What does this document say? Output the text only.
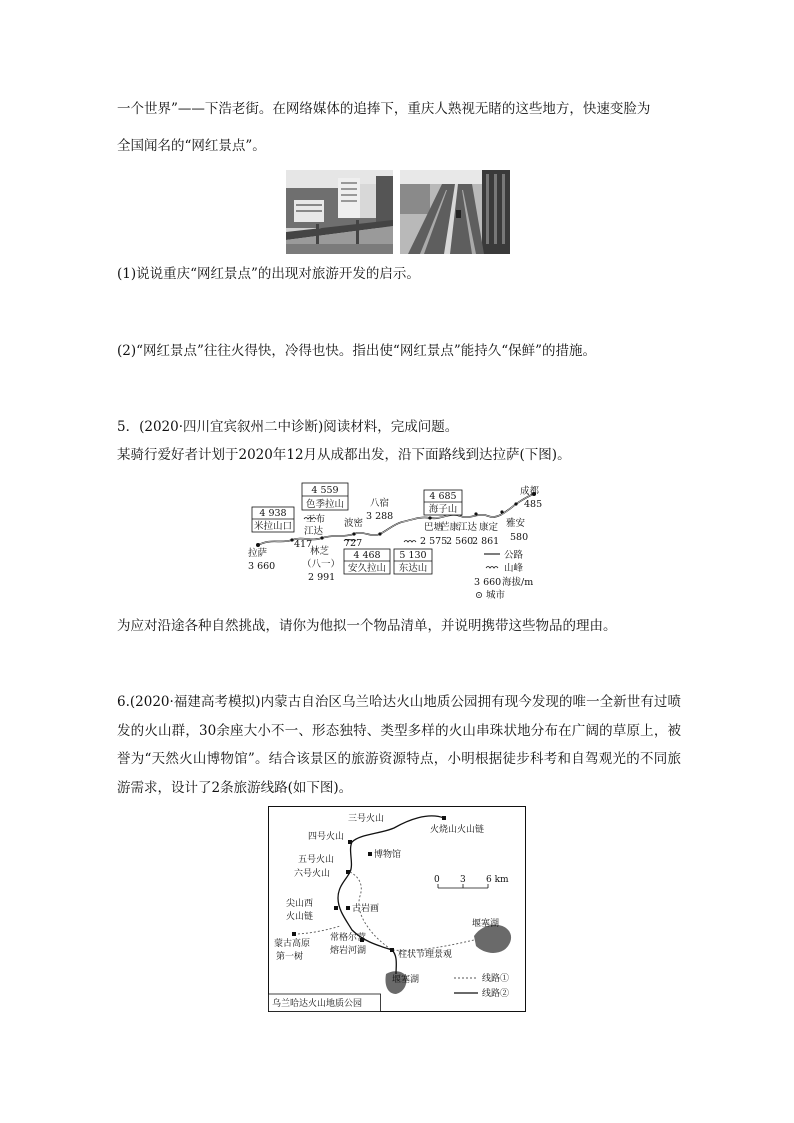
一个世界”——下浩老街。在网络媒体的追捧下，重庆人熟视无睹的这些地方，快速变脸为
全国闻名的“网红景点”。
(1)说说重庆“网红景点”的出现对旅游开发的启示。
(2)“网红景点”往往火得快，冷得也快。指出使“网红景点”能持久“保鲜”的措施。
5．(2020·四川宜宾叙州二中诊断)阅读材料，完成问题。
某骑行爱好者计划于2020年12月从成都出发，沿下面路线到达拉萨(下图)。
4 938
米拉山口
4 559
色季拉山
4 468
安久拉山
5 130
东达山
4 685
海子山
拉萨
3 660
工布
江达
417
林芝
（八一）
2 991
波密
727
八宿
3 288
巴塘
芒康
江达 康定
2 575
2 560
2 861
雅安
580
成都
485
公路
山峰
3 660 海拔/m
⊙ 城市
为应对沿途各种自然挑战，请你为他拟一个物品清单，并说明携带这些物品的理由。
6.(2020·福建高考模拟)内蒙古自治区乌兰哈达火山地质公园拥有现今发现的唯一全新世有过喷发的火山群，30余座大小不一、形态独特、类型多样的火山串珠状地分布在广阔的草原上，被誉为“天然火山博物馆”。结合该景区的旅游资源特点，小明根据徒步科考和自驾观光的不同旅游需求，设计了2条旅游线路(如下图)。
三号火山
火烧山火山链
四号火山
博物馆
五号火山
六号火山
尖山西
火山链
古岩画
蒙古高原
第一树
常格尔营
熔岩河湖	柱状节理景观
堰塞湖
堰塞湖
0 3 6 km
线路①
线路②
乌兰哈达火山地质公园
